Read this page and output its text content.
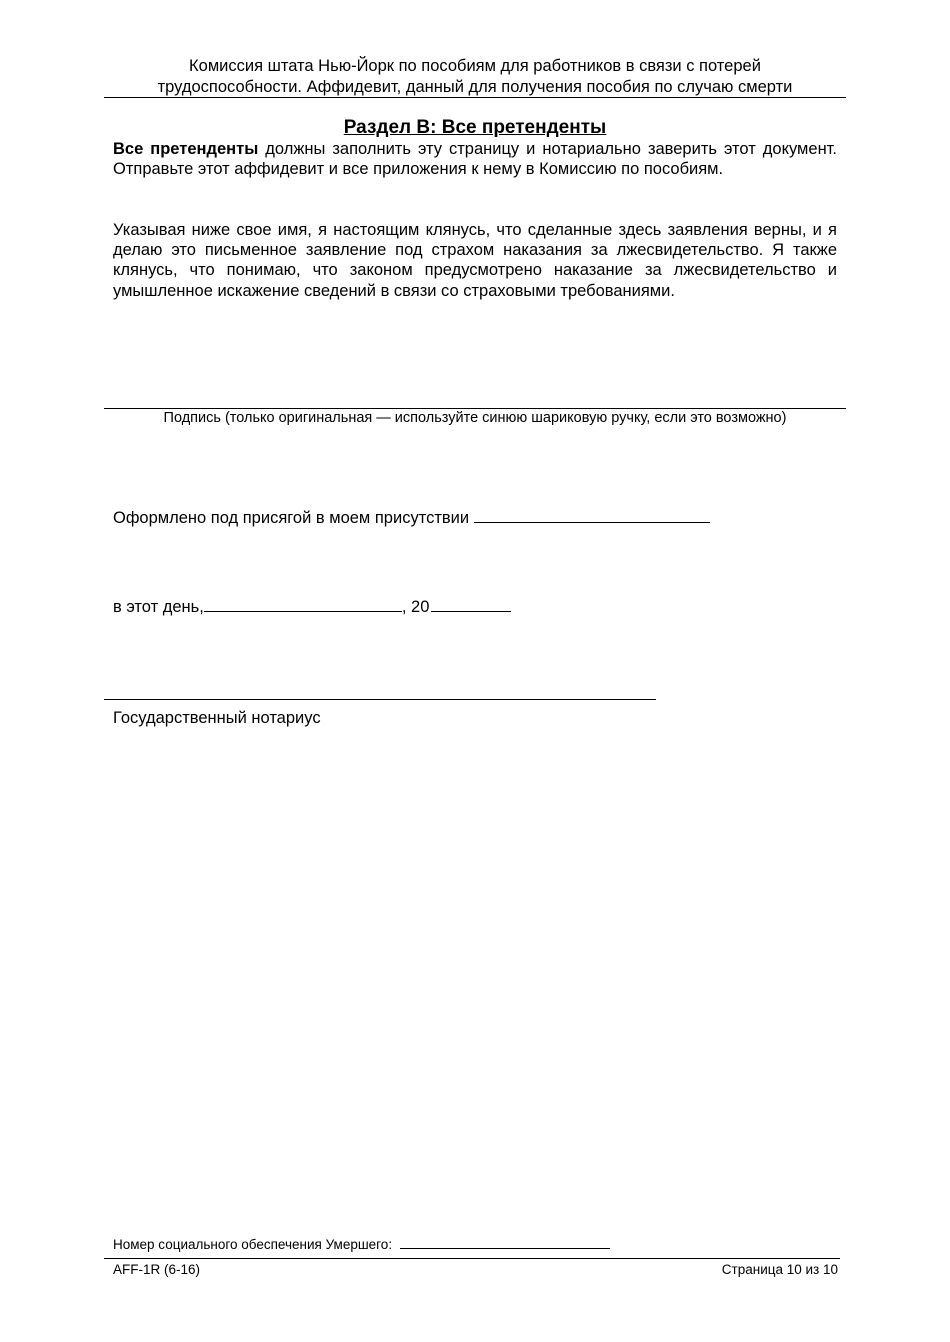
Комиссия штата Нью-Йорк по пособиям для работников в связи с потерей
трудоспособности. Аффидевит, данный для получения пособия по случаю смерти
Раздел В: Все претенденты
Все претенденты должны заполнить эту страницу и нотариально заверить этот документ. Отправьте этот аффидевит и все приложения к нему в Комиссию по пособиям.
Указывая ниже свое имя, я настоящим клянусь, что сделанные здесь заявления верны, и я делаю это письменное заявление под страхом наказания за лжесвидетельство. Я также клянусь, что понимаю, что законом предусмотрено наказание за лжесвидетельство и умышленное искажение сведений в связи со страховыми требованиями.
Подпись (только оригинальная — используйте синюю шариковую ручку, если это возможно)
Оформлено под присягой в моем присутствии
в этот день,	, 20
Государственный нотариус
Номер социального обеспечения Умершего:
AFF-1R (6-16)	Страница 10 из 10
